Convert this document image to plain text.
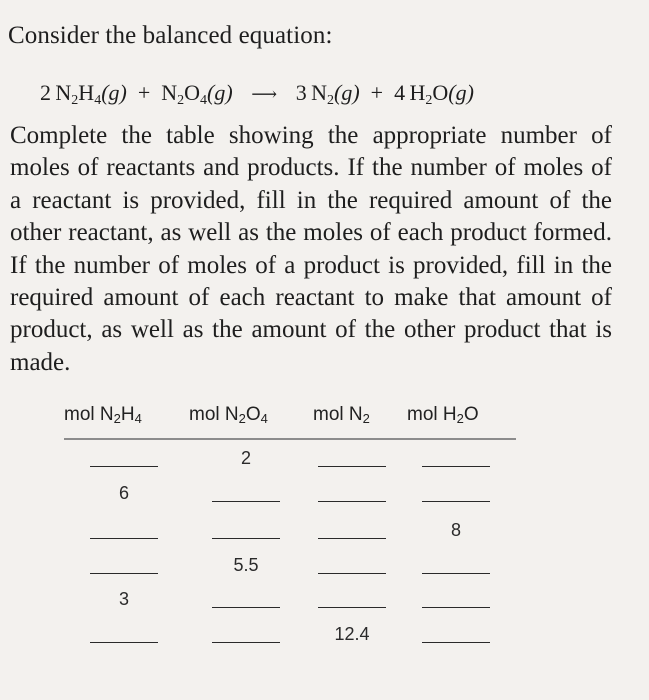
Consider the balanced equation:
2  $N_2H_4(g) + N_2O_4(g)$ ⟶ 3  $N_2(g) + 4$  $H_2O(g)$
Complete the table showing the appropriate number of moles of reactants and products. If the number of moles of a reactant is provided, fill in the required amount of the other reactant, as well as the moles of each product formed. If the number of moles of a product is provided, fill in the required amount of each reactant to make that amount of product, as well as the amount of the other product that is made.
mol $N_2H_4$ mol $N_2O_4$ mol $N_2$ mol $H_2O$
2
6
8
5.5
3
12.4
